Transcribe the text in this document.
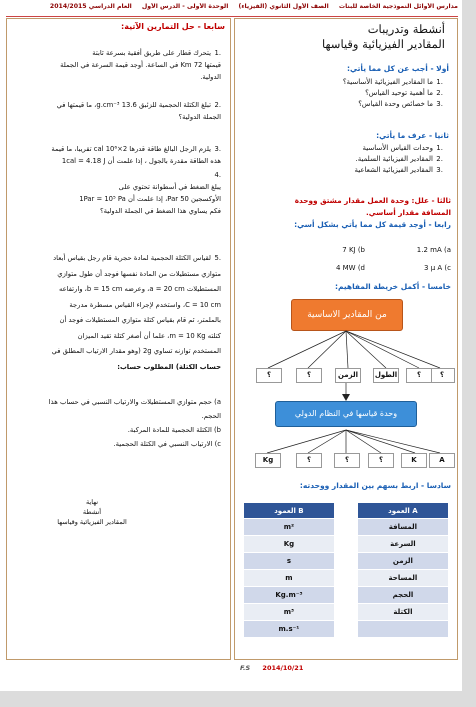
مدارس الأوائل النموذجية الخاصة للبنات الصف الأول الثانوي (الفيزياء) الوحدة الأولى - الدرس الأول العام الدراسي 2014/2015
أنشطة وتدريبات
المقادير الفيزيائية وقياسها
أولا - أجب عن كل مما يأتي:
.1ما المقادير الفيزيائية الأساسية؟
.2ما أهمية توحيد القياس؟
.3ما خصائص وحدة القياس؟
ثانيا - عرف ما يأتي:
.1وحدات القياس الأساسية
.2المقادير الفيزيائية السلمية.
.3المقادير الفيزيائية الشعاعية
ثالثا - علل: وحدة العمل مقدار مشتق ووحدة
المسافة مقدار أساسي.
رابعا - أوجد قيمة كل مما يأتي بشكل أسي:
1.2 mA (a
7 KJ (b
3 μ A (c
4 MW (d
خامسا - أكمل خريطة المفاهيم:
من المقادير الاساسية
؟
؟
الطول
الزمن
؟
؟
وحدة قياسها في النظام الدولي
A
K
؟
؟
؟
Kg
سادسا - اربط بسهم بين المقدار ووحدته:
العمود B		العمود A
m²		المسافة
Kg		السرعة
s		الزمن
m		المساحة
Kg.m⁻³		الحجم
m³		الكتلة
m.s⁻¹		
سابعا - حل التمارين الآتية:
.1يتحرك قطار على طريق أفقية بسرعة ثابتة
قيمتها 72 Km في الساعة. أوجد قيمة السرعة في الجملة
الدولية.
.2تبلغ الكتلة الحجمية للزئبق 13.6 g.cm⁻³، ما قيمتها في
الجملة الدولية؟
.3يلزم الرجل البالغ طاقة قدرها 2×10⁶ cal تقريبا، ما قيمة
هذه الطاقة مقدرة بالجول ، إذا علمت أن 1cal = 4.18 J
.4
يبلغ الضغط في أسطوانة تحتوي على
الأوكسجين 50 Par، إذا علمت أن 1Par = 10⁵ Pa
فكم يساوي هذا الضغط في الجملة الدولية؟
.5لقياس الكتلة الحجمية لمادة حجرية قام رجل بقياس أبعاد
متوازي مستطيلات من المادة نفسها فوجد أن طول متوازي
المستطيلات a = 20 cm، وعرضه b = 15 cm، وارتفاعه
C = 10 cm، واستخدم لإجراء القياس مسطرة مدرجة
بالملمتر، ثم قام بقياس كتلة متوازي المستطيلات فوجد أن
كتلته m = 10 Kg، علما أن أصغر كتلة تقيد الميزان
المستخدم توازنه تساوي 2g (وهو مقدار الارتياب المطلق في
حساب الكتلة) المطلوب حساب:
a) حجم متوازي المستطيلات والارتياب النسبي في حساب هذا
الحجم.
b) الكتلة الحجمية للمادة المركبة.
c) الارتياب النسبي في الكتلة الحجمية.
نهاية
أنشطة
المقادير الفيزيائية وقياسها
F.S 2014/10/21
